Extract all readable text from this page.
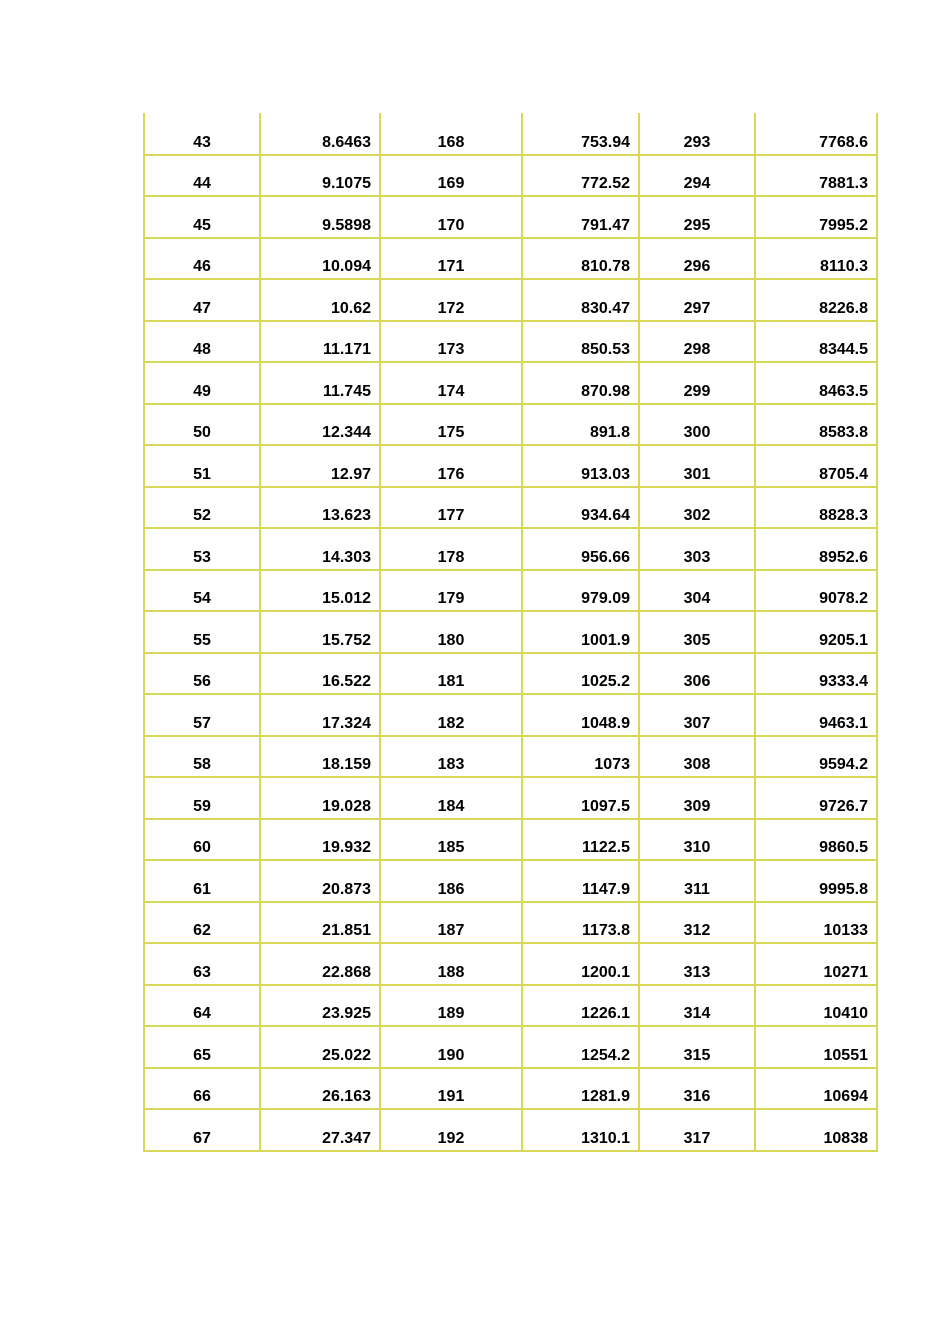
43	8.6463	168	753.94	293	7768.6
44	9.1075	169	772.52	294	7881.3
45	9.5898	170	791.47	295	7995.2
46	10.094	171	810.78	296	8110.3
47	10.62	172	830.47	297	8226.8
48	11.171	173	850.53	298	8344.5
49	11.745	174	870.98	299	8463.5
50	12.344	175	891.8	300	8583.8
51	12.97	176	913.03	301	8705.4
52	13.623	177	934.64	302	8828.3
53	14.303	178	956.66	303	8952.6
54	15.012	179	979.09	304	9078.2
55	15.752	180	1001.9	305	9205.1
56	16.522	181	1025.2	306	9333.4
57	17.324	182	1048.9	307	9463.1
58	18.159	183	1073	308	9594.2
59	19.028	184	1097.5	309	9726.7
60	19.932	185	1122.5	310	9860.5
61	20.873	186	1147.9	311	9995.8
62	21.851	187	1173.8	312	10133
63	22.868	188	1200.1	313	10271
64	23.925	189	1226.1	314	10410
65	25.022	190	1254.2	315	10551
66	26.163	191	1281.9	316	10694
67	27.347	192	1310.1	317	10838
